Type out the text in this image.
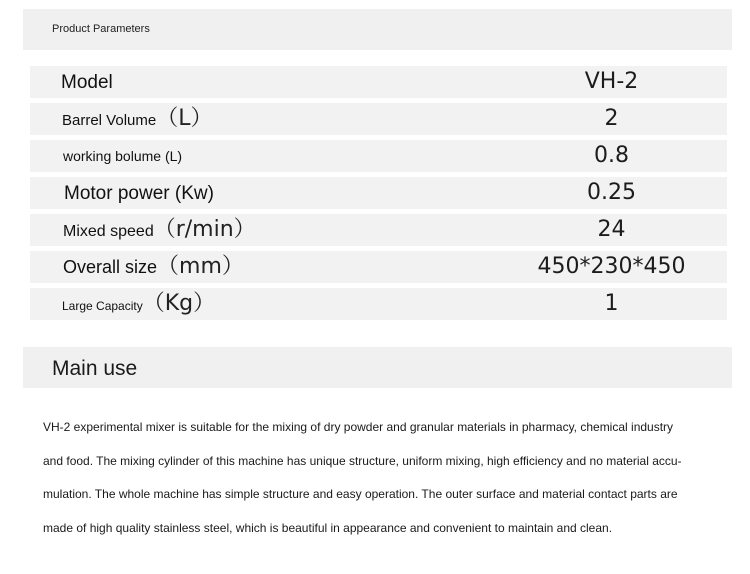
Product Parameters
Model	VH-2
Barrel Volume（L）	2
working bolume (L)	0.8
Motor power (Kw)	0.25
Mixed speed（r/min）	24
Overall size（mm）	450*230*450
Large Capacity（Kg）	1
Main use

VH-2 experimental mixer is suitable for the mixing of dry powder and granular materials in pharmacy, chemical industry

and food. The mixing cylinder of this machine has unique structure, uniform mixing, high efficiency and no material accu-

mulation. The whole machine has simple structure and easy operation. The outer surface and material contact parts are

made of high quality stainless steel, which is beautiful in appearance and convenient to maintain and clean.
